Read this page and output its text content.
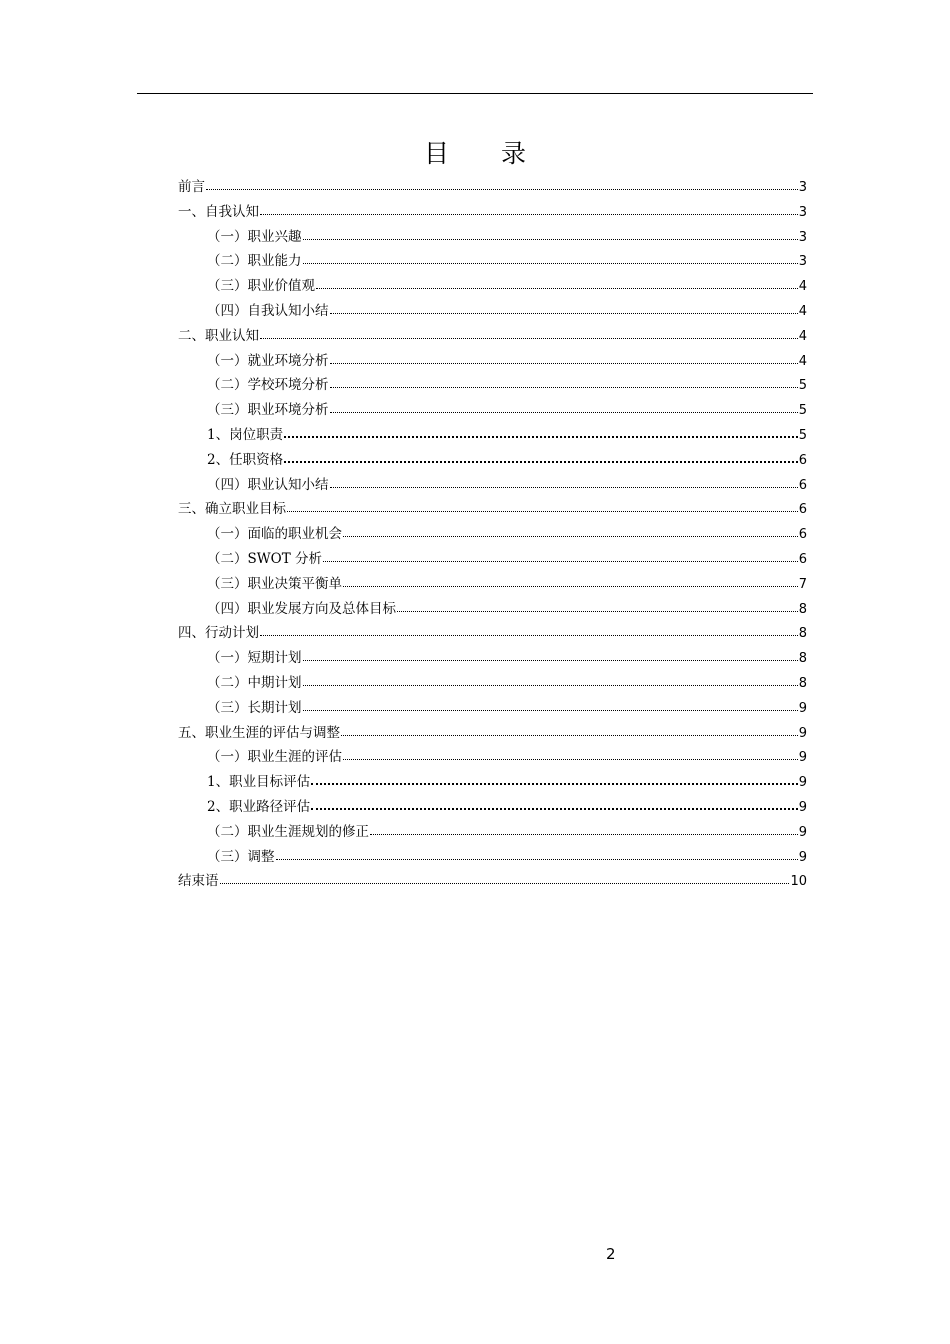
目 录
前言	3
一、自我认知	3
（一）职业兴趣	3
（二）职业能力	3
（三）职业价值观	4
（四）自我认知小结	4
二、职业认知	4
（一）就业环境分析	4
（二）学校环境分析	5
（三）职业环境分析	5
1、岗位职责	5
2、任职资格	6
（四）职业认知小结	6
三、确立职业目标	6
（一）面临的职业机会	6
（二）SWOT 分析	6
（三）职业决策平衡单	7
（四）职业发展方向及总体目标	8
四、行动计划	8
（一）短期计划	8
（二）中期计划	8
（三）长期计划	9
五、职业生涯的评估与调整	9
（一）职业生涯的评估	9
1、职业目标评估	9
2、职业路径评估	9
（二）职业生涯规划的修正	9
（三）调整	9
结束语	10
2
